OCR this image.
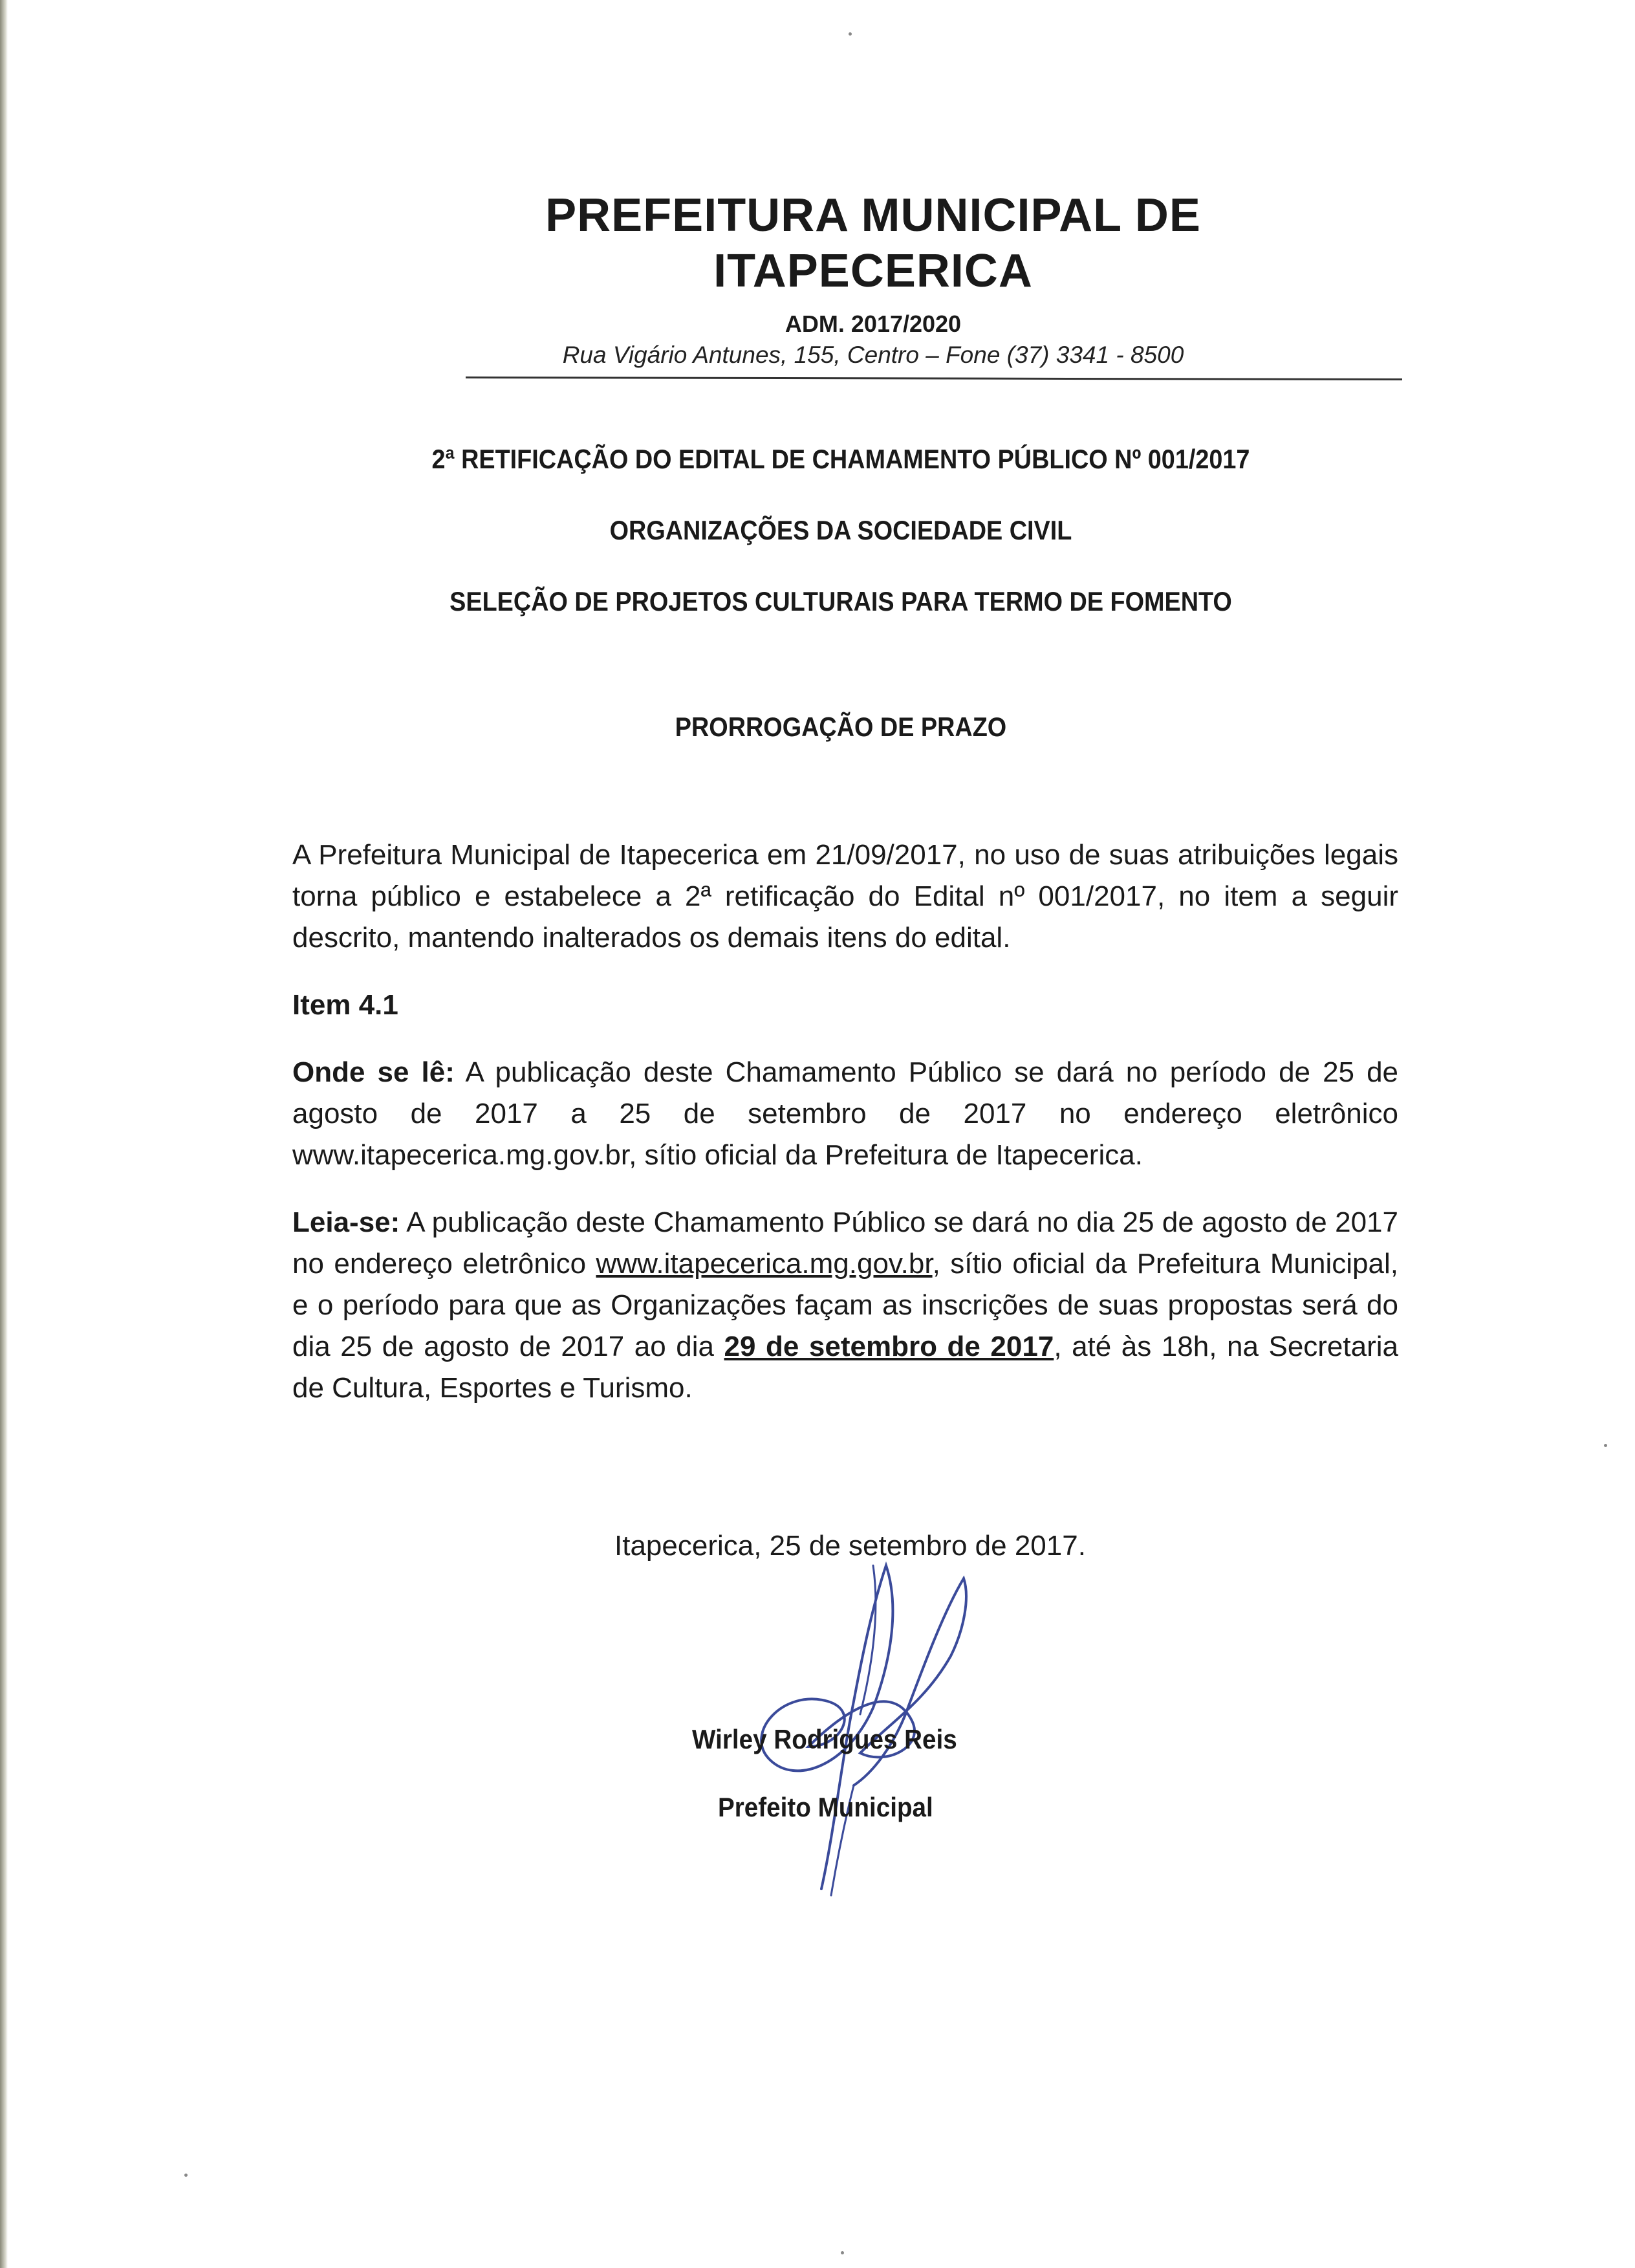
PREFEITURA MUNICIPAL DE
ITAPECERICA
ADM. 2017/2020
Rua Vigário Antunes, 155, Centro – Fone (37) 3341 - 8500
2ª RETIFICAÇÃO DO EDITAL DE CHAMAMENTO PÚBLICO Nº 001/2017
ORGANIZAÇÕES DA SOCIEDADE CIVIL
SELEÇÃO DE PROJETOS CULTURAIS PARA TERMO DE FOMENTO
PRORROGAÇÃO DE PRAZO

A Prefeitura Municipal de Itapecerica em 21/09/2017, no uso de suas atribuições legais torna público e estabelece a 2ª retificação do Edital nº 001/2017, no item a seguir descrito, mantendo inalterados os demais itens do edital.

Item 4.1

Onde se lê: A publicação deste Chamamento Público se dará no período de 25 de agosto de 2017 a 25 de setembro de 2017 no endereço eletrônico www.itapecerica.mg.gov.br, sítio oficial da Prefeitura de Itapecerica.

Leia-se: A publicação deste Chamamento Público se dará no dia 25 de agosto de 2017 no endereço eletrônico www.itapecerica.mg.gov.br, sítio oficial da Prefeitura Municipal, e o período para que as Organizações façam as inscrições de suas propostas será do dia 25 de agosto de 2017 ao dia 29 de setembro de 2017, até às 18h, na Secretaria de Cultura, Esportes e Turismo.

Itapecerica, 25 de setembro de 2017.
Wirley Rodrigues Reis
Prefeito Municipal
